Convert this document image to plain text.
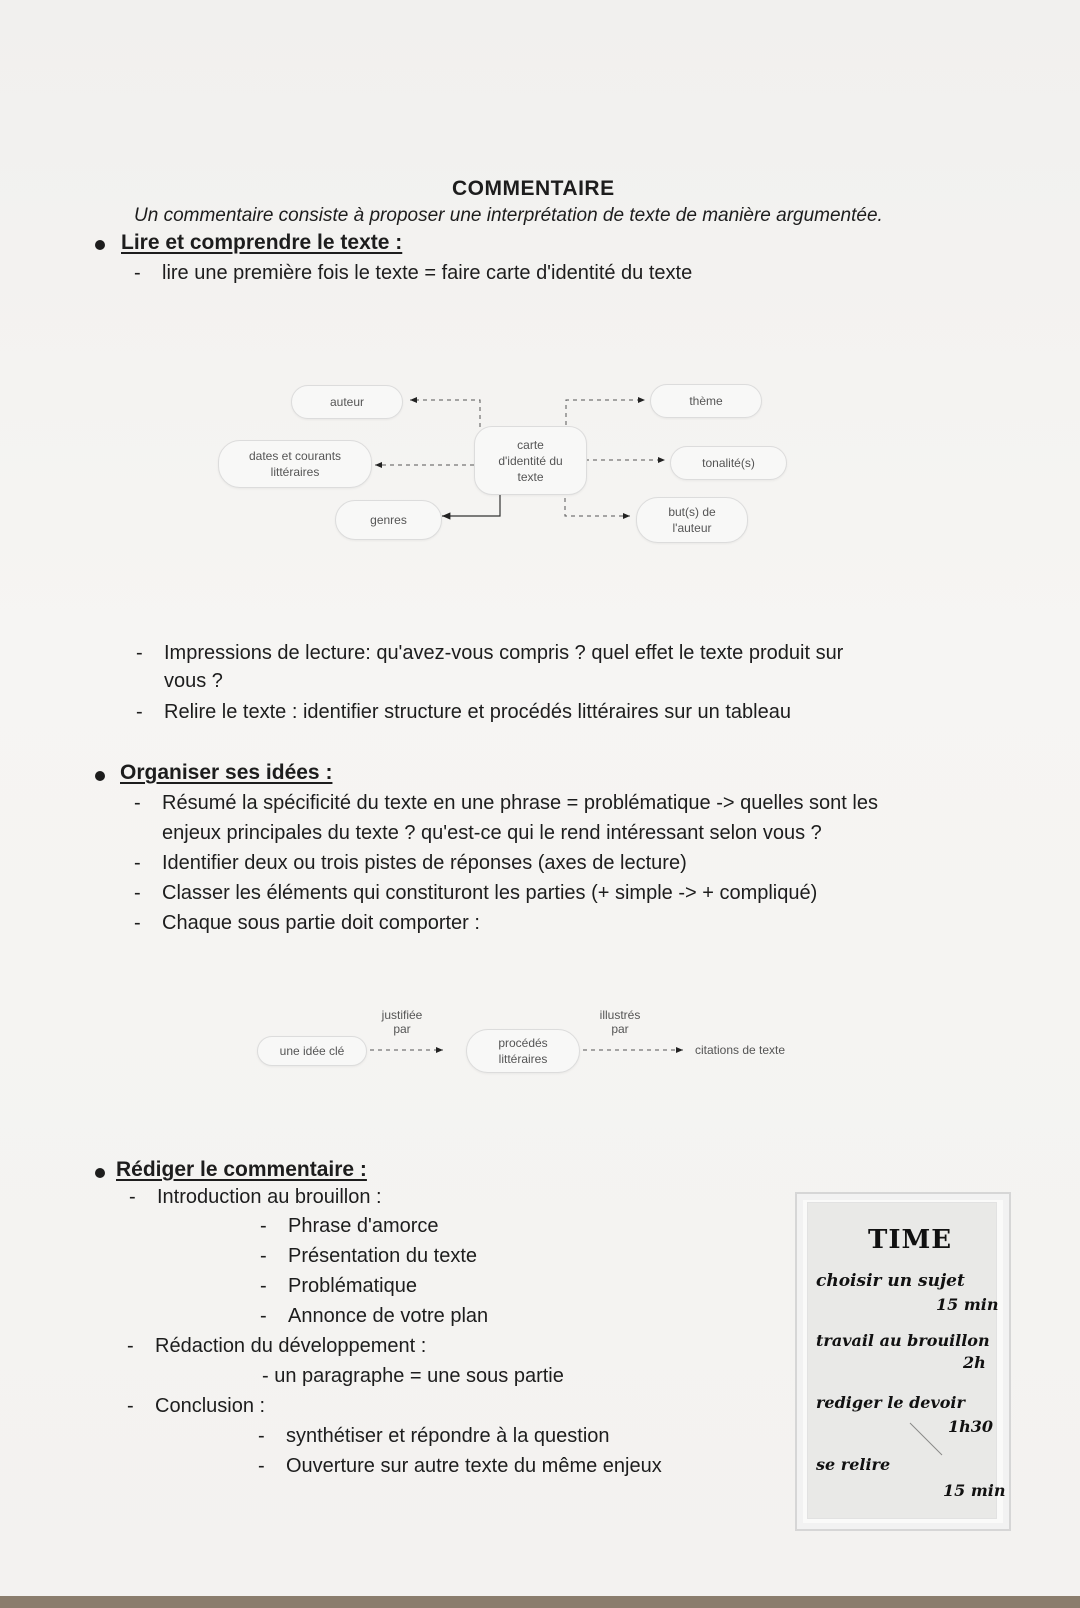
COMMENTAIRE
Un commentaire consiste à proposer une interprétation de texte de manière argumentée.
Lire et comprendre le texte :
- lire une première fois le texte = faire carte d'identité du texte
auteur
dates et courants
littéraires
genres
carte
d'identité du
texte
thème
tonalité(s)
but(s) de
l'auteur
- Impressions de lecture: qu'avez-vous compris ? quel effet le texte produit sur
vous ?
- Relire le texte : identifier structure et procédés littéraires sur un tableau
Organiser ses idées :
- Résumé la spécificité du texte en une phrase = problématique -> quelles sont les
enjeux principales du texte ? qu'est-ce qui le rend intéressant selon vous ?
- Identifier deux ou trois pistes de réponses (axes de lecture)
- Classer les éléments qui constituront les parties (+ simple -> + compliqué)
- Chaque sous partie doit comporter :
une idée clé
justifiée
par
procédés
littéraires
illustrés
par
citations de texte
Rédiger le commentaire :
- Introduction au brouillon :
- Phrase d'amorce
- Présentation du texte
- Problématique
- Annonce de votre plan
- Rédaction du développement :
- un paragraphe = une sous partie
- Conclusion :
- synthétiser et répondre à la question
- Ouverture sur autre texte du même enjeux
TIME
choisir un sujet
15 min
travail au brouillon
2h
rediger le devoir
1h30
se relire
15 min
